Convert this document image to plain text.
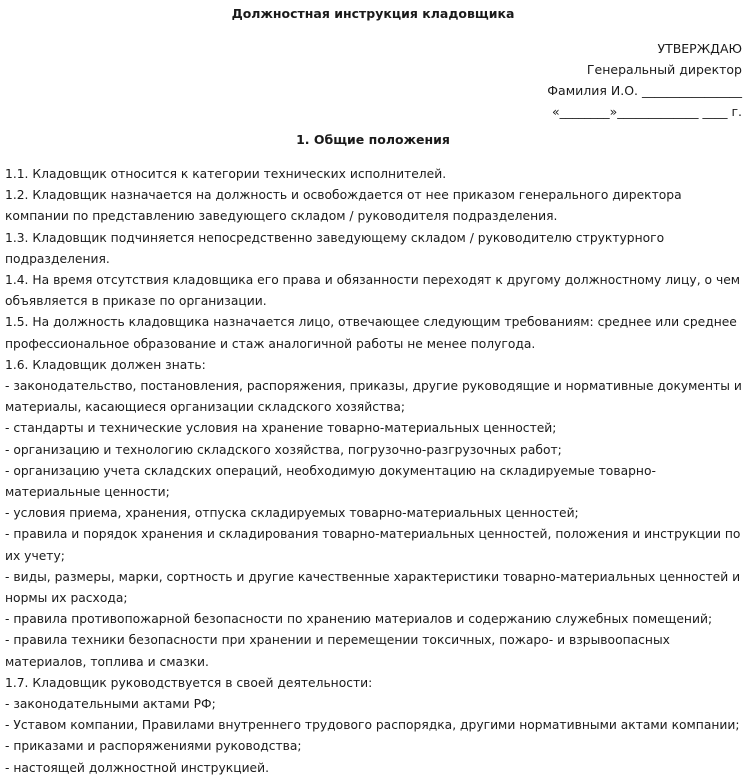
Должностная инструкция кладовщика
УТВЕРЖДАЮ
Генеральный директор
Фамилия И.О. ________________
«________»_____________ ____ г.
1. Общие положения

1.1. Кладовщик относится к категории технических исполнителей.

1.2. Кладовщик назначается на должность и освобождается от нее приказом генерального директора компании по представлению заведующего складом / руководителя подразделения.

1.3. Кладовщик подчиняется непосредственно заведующему складом / руководителю структурного подразделения.

1.4. На время отсутствия кладовщика его права и обязанности переходят к другому должностному лицу, о чем объявляется в приказе по организации.

1.5. На должность кладовщика назначается лицо, отвечающее следующим требованиям: среднее или среднее профессиональное образование и стаж аналогичной работы не менее полугода.

1.6. Кладовщик должен знать:

- законодательство, постановления, распоряжения, приказы, другие руководящие и нормативные документы и материалы, касающиеся организации складского хозяйства;

- стандарты и технические условия на хранение товарно-материальных ценностей;

- организацию и технологию складского хозяйства, погрузочно-разгрузочных работ;

- организацию учета складских операций, необходимую документацию на складируемые товарно-материальные ценности;

- условия приема, хранения, отпуска складируемых товарно-материальных ценностей;

- правила и порядок хранения и складирования товарно-материальных ценностей, положения и инструкции по их учету;

- виды, размеры, марки, сортность и другие качественные характеристики товарно-материальных ценностей и нормы их расхода;

- правила противопожарной безопасности по хранению материалов и содержанию служебных помещений;

- правила техники безопасности при хранении и перемещении токсичных, пожаро- и взрывоопасных материалов, топлива и смазки.

1.7. Кладовщик руководствуется в своей деятельности:

- законодательными актами РФ;

- Уставом компании, Правилами внутреннего трудового распорядка, другими нормативными актами компании;

- приказами и распоряжениями руководства;

- настоящей должностной инструкцией.
